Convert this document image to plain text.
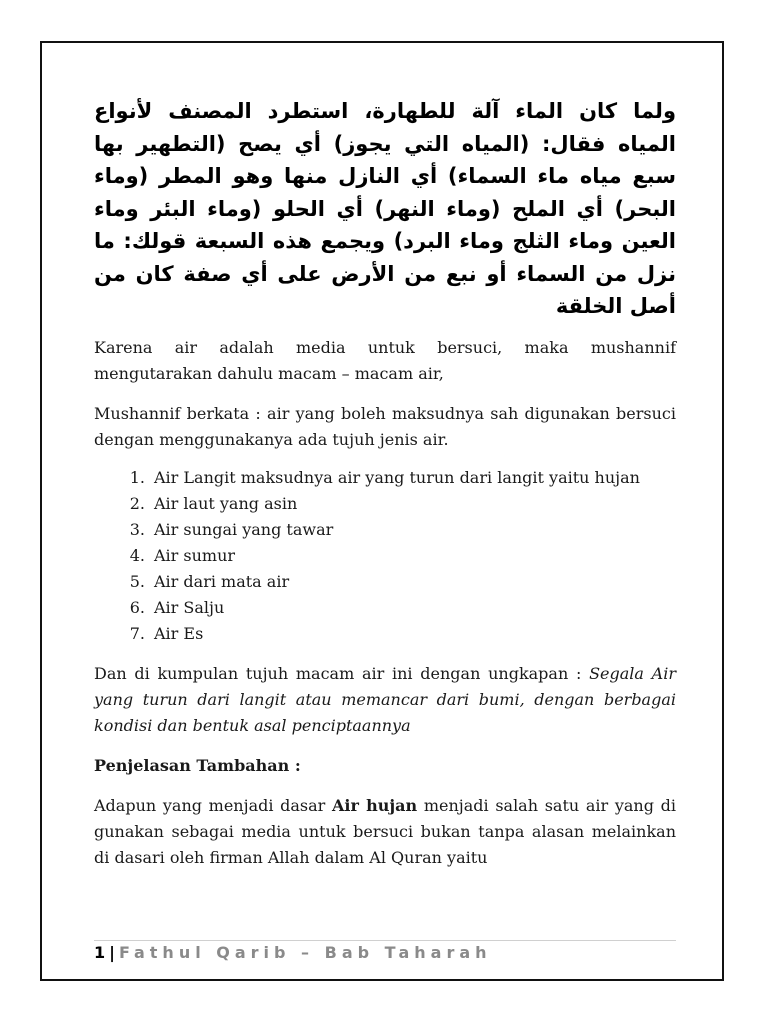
ولما كان الماء آلة للطهارة، استطرد المصنف لأنواع المياه فقال: (المياه التي يجوز) أي يصح (التطهير بها سبع مياه ماء السماء) أي النازل منها وهو المطر (وماء البحر) أي الملح (وماء النهر) أي الحلو (وماء البئر وماء العين وماء الثلج وماء البرد) ويجمع هذه السبعة قولك: ما نزل من السماء أو نبع من الأرض على أي صفة كان من أصل الخلقة

Karena air adalah media untuk bersuci, maka mushannif mengutarakan dahulu macam – macam air,

Mushannif berkata : air yang boleh maksudnya sah digunakan bersuci dengan menggunakanya ada tujuh jenis air.

1. Air Langit maksudnya air yang turun dari langit yaitu hujan
2. Air laut yang asin
3. Air sungai yang tawar
4. Air sumur
5. Air dari mata air
6. Air Salju
7. Air Es

Dan di kumpulan tujuh macam air ini dengan ungkapan : Segala Air yang turun dari langit atau memancar dari bumi, dengan berbagai kondisi dan bentuk asal penciptaannya

Penjelasan Tambahan :

Adapun yang menjadi dasar Air hujan menjadi salah satu air yang di gunakan sebagai media untuk bersuci bukan tanpa alasan melainkan di dasari oleh firman Allah dalam Al Quran yaitu

1 | Fathul Qarib – Bab Taharah
